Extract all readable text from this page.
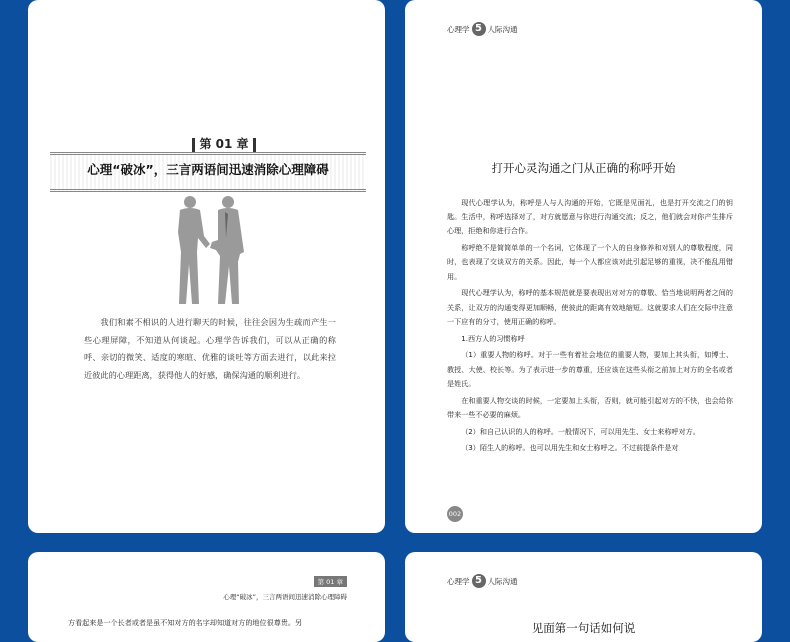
第 01 章
心理“破冰”，三言两语间迅速消除心理障碍
我们和素不相识的人进行聊天的时候，往往会因为生疏而产生一些心理屏障，不知道从何谈起。心理学告诉我们，可以从正确的称呼、亲切的微笑、适度的寒暄、优雅的谈吐等方面去进行，以此来拉近彼此的心理距离，获得他人的好感，确保沟通的顺利进行。
心理学 5 人际沟通
打开心灵沟通之门从正确的称呼开始

现代心理学认为，称呼是人与人沟通的开始，它既是见面礼，也是打开交流之门的钥匙。生活中，称呼选择对了，对方就愿意与你进行沟通交流；反之，他们就会对你产生排斥心理，拒绝和你进行合作。

称呼绝不是简简单单的一个名词，它体现了一个人的自身修养和对别人的尊敬程度，同时，也表现了交谈双方的关系。因此，每一个人都应该对此引起足够的重视，决不能乱用错用。

现代心理学认为，称呼的基本规范就是要表现出对对方的尊敬、恰当地说明两者之间的关系，让双方的沟通变得更加顺畅，使彼此的距离有效地缩短。这就要求人们在交际中注意一下应有的分寸，使用正确的称呼。

1.西方人的习惯称呼

（1）重要人物的称呼。对于一些有着社会地位的重要人物，要加上其头衔，如博士、教授、大使、校长等。为了表示进一步的尊重，还应该在这些头衔之前加上对方的全名或者是姓氏。

在和重要人物交谈的时候，一定要加上头衔，否则，就可能引起对方的不快，也会给你带来一些不必要的麻烦。

（2）和自己认识的人的称呼。一般情况下，可以用先生、女士来称呼对方。

（3）陌生人的称呼。也可以用先生和女士称呼之。不过前提条件是对

002
第 01 章
心理“破冰”，三言两语间迅速消除心理障碍
方看起来是一个长者或者是虽不知对方的名字却知道对方的地位很尊贵。另
心理学 5 人际沟通
见面第一句话如何说
